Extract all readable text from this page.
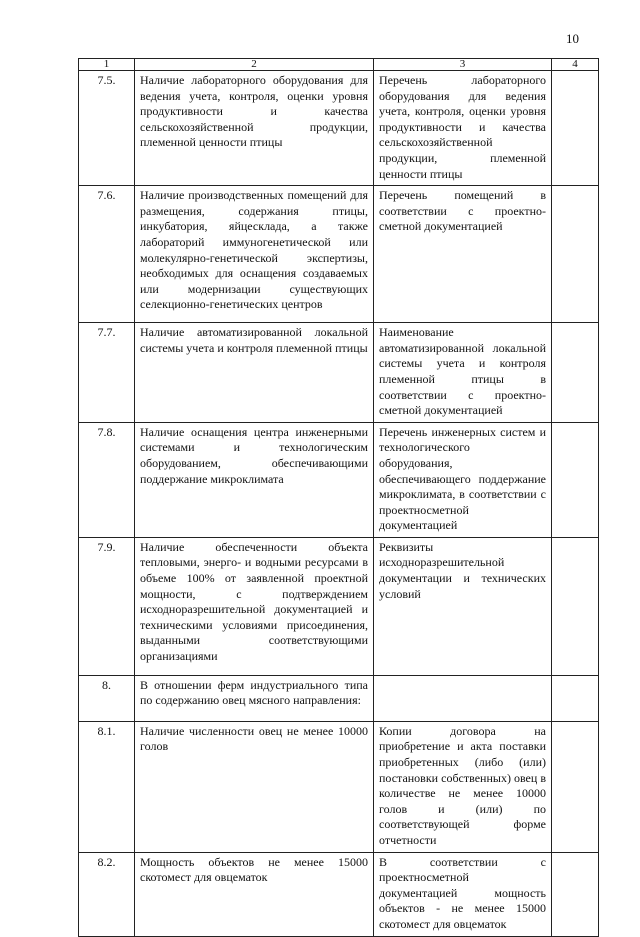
10
1	2	3	4
7.5.	Наличие лабораторного оборудования для ведения учета, контроля, оценки уровня продуктивности и качества сельскохозяйственной продукции, племенной ценности птицы	Перечень лабораторного оборудования для ведения учета, контроля, оценки уровня продуктивности и качества сельскохозяйственной продукции, племенной ценности птицы	
7.6.	Наличие производственных помещений для размещения, содержания птицы, инкубатория, яйцесклада, а также лабораторий иммуногенетической или молекулярно-генетической экспертизы, необходимых для оснащения создаваемых или модернизации существующих селекционно-генетических центров	Перечень помещений в соответствии с проектно-сметной документацией	
7.7.	Наличие автоматизированной локальной системы учета и контроля племенной птицы	Наименование автоматизированной локальной системы учета и контроля племенной птицы в соответствии с проектно-сметной документацией	
7.8.	Наличие оснащения центра инженерными системами и технологическим оборудованием, обеспечивающими поддержание микроклимата	Перечень инженерных систем и технологического оборудования, обеспечивающего поддержание микроклимата, в соответствии с проектносметной документацией	
7.9.	Наличие обеспеченности объекта тепловыми, энерго- и водными ресурсами в объеме 100% от заявленной проектной мощности, с подтверждением исходноразрешительной документацией и техническими условиями присоединения, выданными соответствующими организациями	Реквизиты исходноразрешительной документации и технических условий	
8.	В отношении ферм индустриального типа по содержанию овец мясного направления:		
8.1.	Наличие численности овец не менее 10000 голов	Копии договора на приобретение и акта поставки приобретенных (либо (или) постановки собственных) овец в количестве не менее 10000 голов и (или) по соответствующей форме отчетности	
8.2.	Мощность объектов не менее 15000 скотомест для овцематок	В соответствии с проектносметной документацией мощность объектов - не менее 15000 скотомест для овцематок	
